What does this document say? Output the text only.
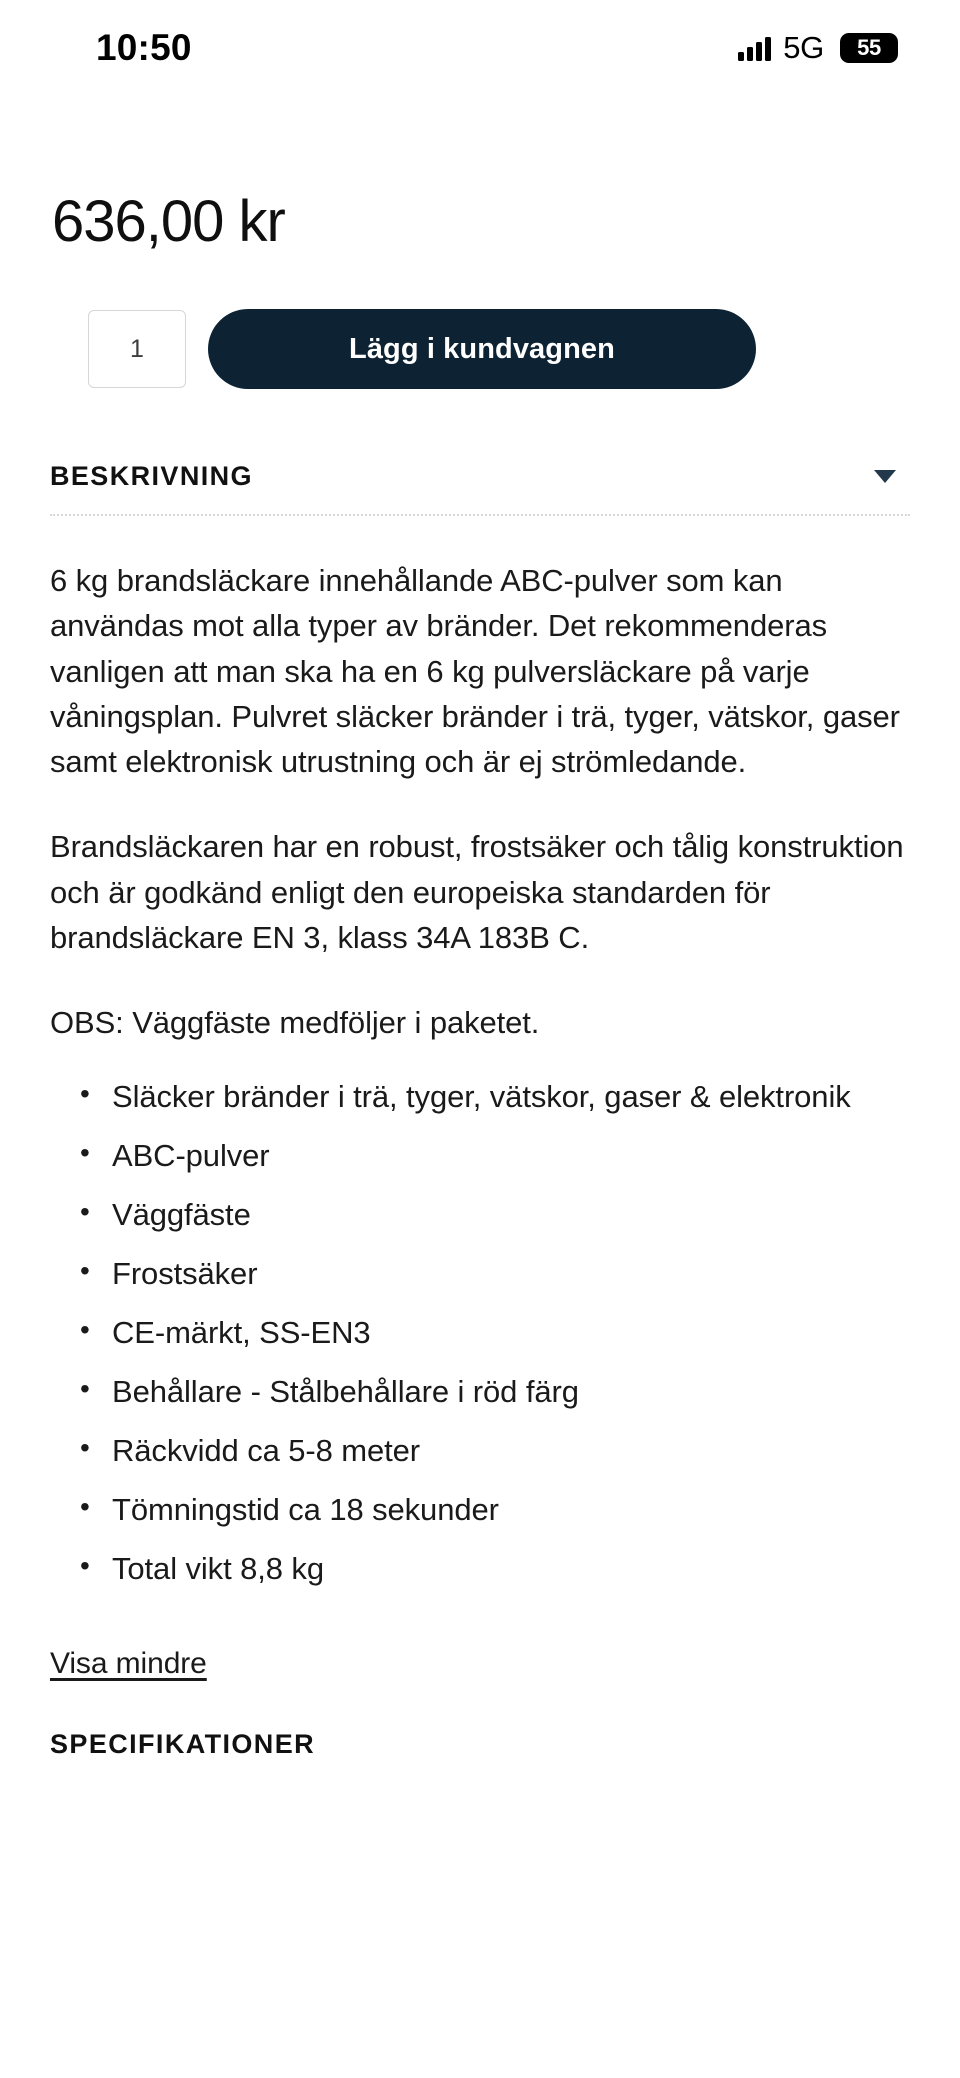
10:50	5G 55 5
636,00 kr
1	Lägg i kundvagnen
BESKRIVNING

6 kg brandsläckare innehållande ABC-pulver som kan användas mot alla typer av bränder. Det rekommenderas vanligen att man ska ha en 6 kg pulversläckare på varje våningsplan. Pulvret släcker bränder i trä, tyger, vätskor, gaser samt elektronisk utrustning och är ej strömledande.

Brandsläckaren har en robust, frostsäker och tålig konstruktion och är godkänd enligt den europeiska standarden för brandsläckare EN 3, klass 34A 183B C.

OBS: Väggfäste medföljer i paketet.

• Släcker bränder i trä, tyger, vätskor, gaser & elektronik
• ABC-pulver
• Väggfäste
• Frostsäker
• CE-märkt, SS-EN3
• Behållare - Stålbehållare i röd färg
• Räckvidd ca 5-8 meter
• Tömningstid ca 18 sekunder
• Total vikt 8,8 kg
Visa mindre
SPECIFIKATIONER
